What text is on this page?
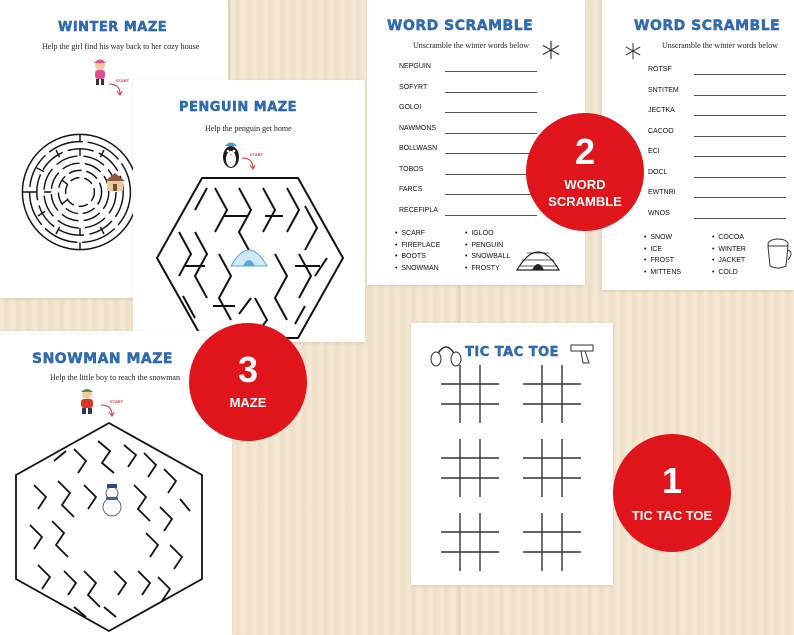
WINTER MAZE
Help the girl find his way back to her cozy house
START
PENGUIN MAZE
Help the penguin get home
START
WORD SCRAMBLE
Unscramble the winter words below
NEPGUIN
SOFYRT
GOLOI
NAWMONS
BOLLWASN
TOBOS
FARCS
RECEFIPLA
•  SCARF
•  FIREPLACE
•  BOOTS
•  SNOWMAN
•  IGLOO
•  PENGUIN
•  SNOWBALL
•  FROSTY
WORD SCRAMBLE
Unscramble the winter words below
ROTSF
SNTITEM
JECTKA
CACOO
ECI
DOCL
EWTNRI
WNOS
•  SNOW
•  ICE
•  FROST
•  MITTENS
•  COCOA
•  WINTER
•  JACKET
•  COLD
SNOWMAN MAZE
Help the little boy to reach the snowman
START
TIC TAC TOE
2
WORD
SCRAMBLE
3
MAZE
1
TIC TAC TOE
